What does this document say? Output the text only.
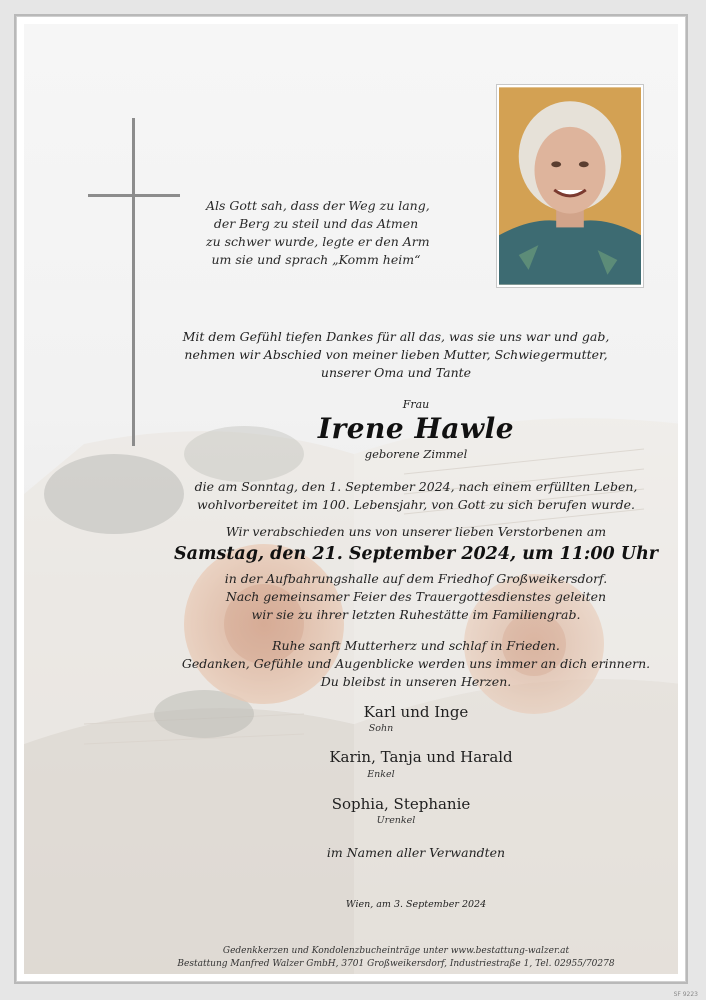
Als Gott sah, dass der Weg zu lang,
der Berg zu steil und das Atmen
zu schwer wurde, legte er den Arm
um sie und sprach „Komm heim“
Mit dem Gefühl tiefen Dankes für all das, was sie uns war und gab,
nehmen wir Abschied von meiner lieben Mutter, Schwiegermutter,
unserer Oma und Tante
Frau
Irene Hawle
geborene Zimmel
die am Sonntag, den 1. September 2024, nach einem erfüllten Leben,
wohlvorbereitet im 100. Lebensjahr, von Gott zu sich berufen wurde.
Wir verabschieden uns von unserer lieben Verstorbenen am
Samstag, den 21. September 2024, um 11:00 Uhr
in der Aufbahrungshalle auf dem Friedhof Großweikersdorf.
Nach gemeinsamer Feier des Trauergottesdienstes geleiten
wir sie zu ihrer letzten Ruhestätte im Familiengrab.
Ruhe sanft Mutterherz und schlaf in Frieden.
Gedanken, Gefühle und Augenblicke werden uns immer an dich erinnern.
Du bleibst in unseren Herzen.
Karl und Inge
Sohn
Karin, Tanja und Harald
Enkel
Sophia, Stephanie
Urenkel
im Namen aller Verwandten
Wien, am 3. September 2024
Gedenkkerzen und Kondolenzbucheinträge unter www.bestattung-walzer.at
Bestattung Manfred Walzer GmbH, 3701 Großweikersdorf, Industriestraße 1, Tel. 02955/70278
SF 9223
